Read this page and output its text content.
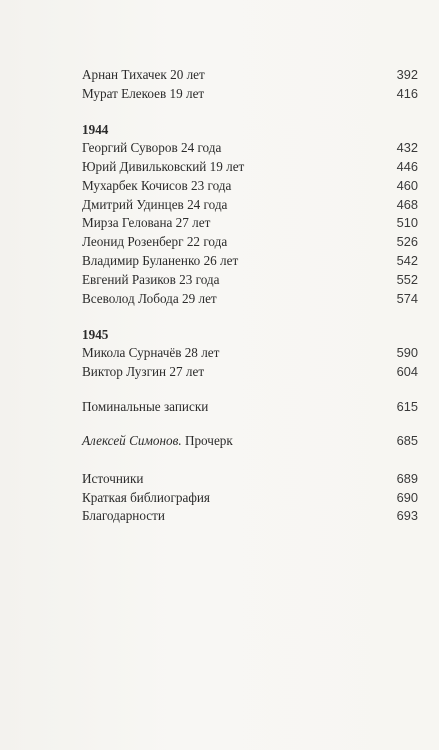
Арнан Тихачек 20 лет	392
Мурат Елекоев 19 лет	416
1944
Георгий Суворов 24 года	432
Юрий Дивильковский 19 лет	446
Мухарбек Кочисов 23 года	460
Дмитрий Удинцев 24 года	468
Мирза Гелована 27 лет	510
Леонид Розенберг 22 года	526
Владимир Буланенко 26 лет	542
Евгений Разиков 23 года	552
Всеволод Лобода 29 лет	574
1945
Микола Сурначёв 28 лет	590
Виктор Лузгин 27 лет	604
Поминальные записки	615
Алексей Симонов. Прочерк	685
Источники	689
Краткая библиография	690
Благодарности	693
